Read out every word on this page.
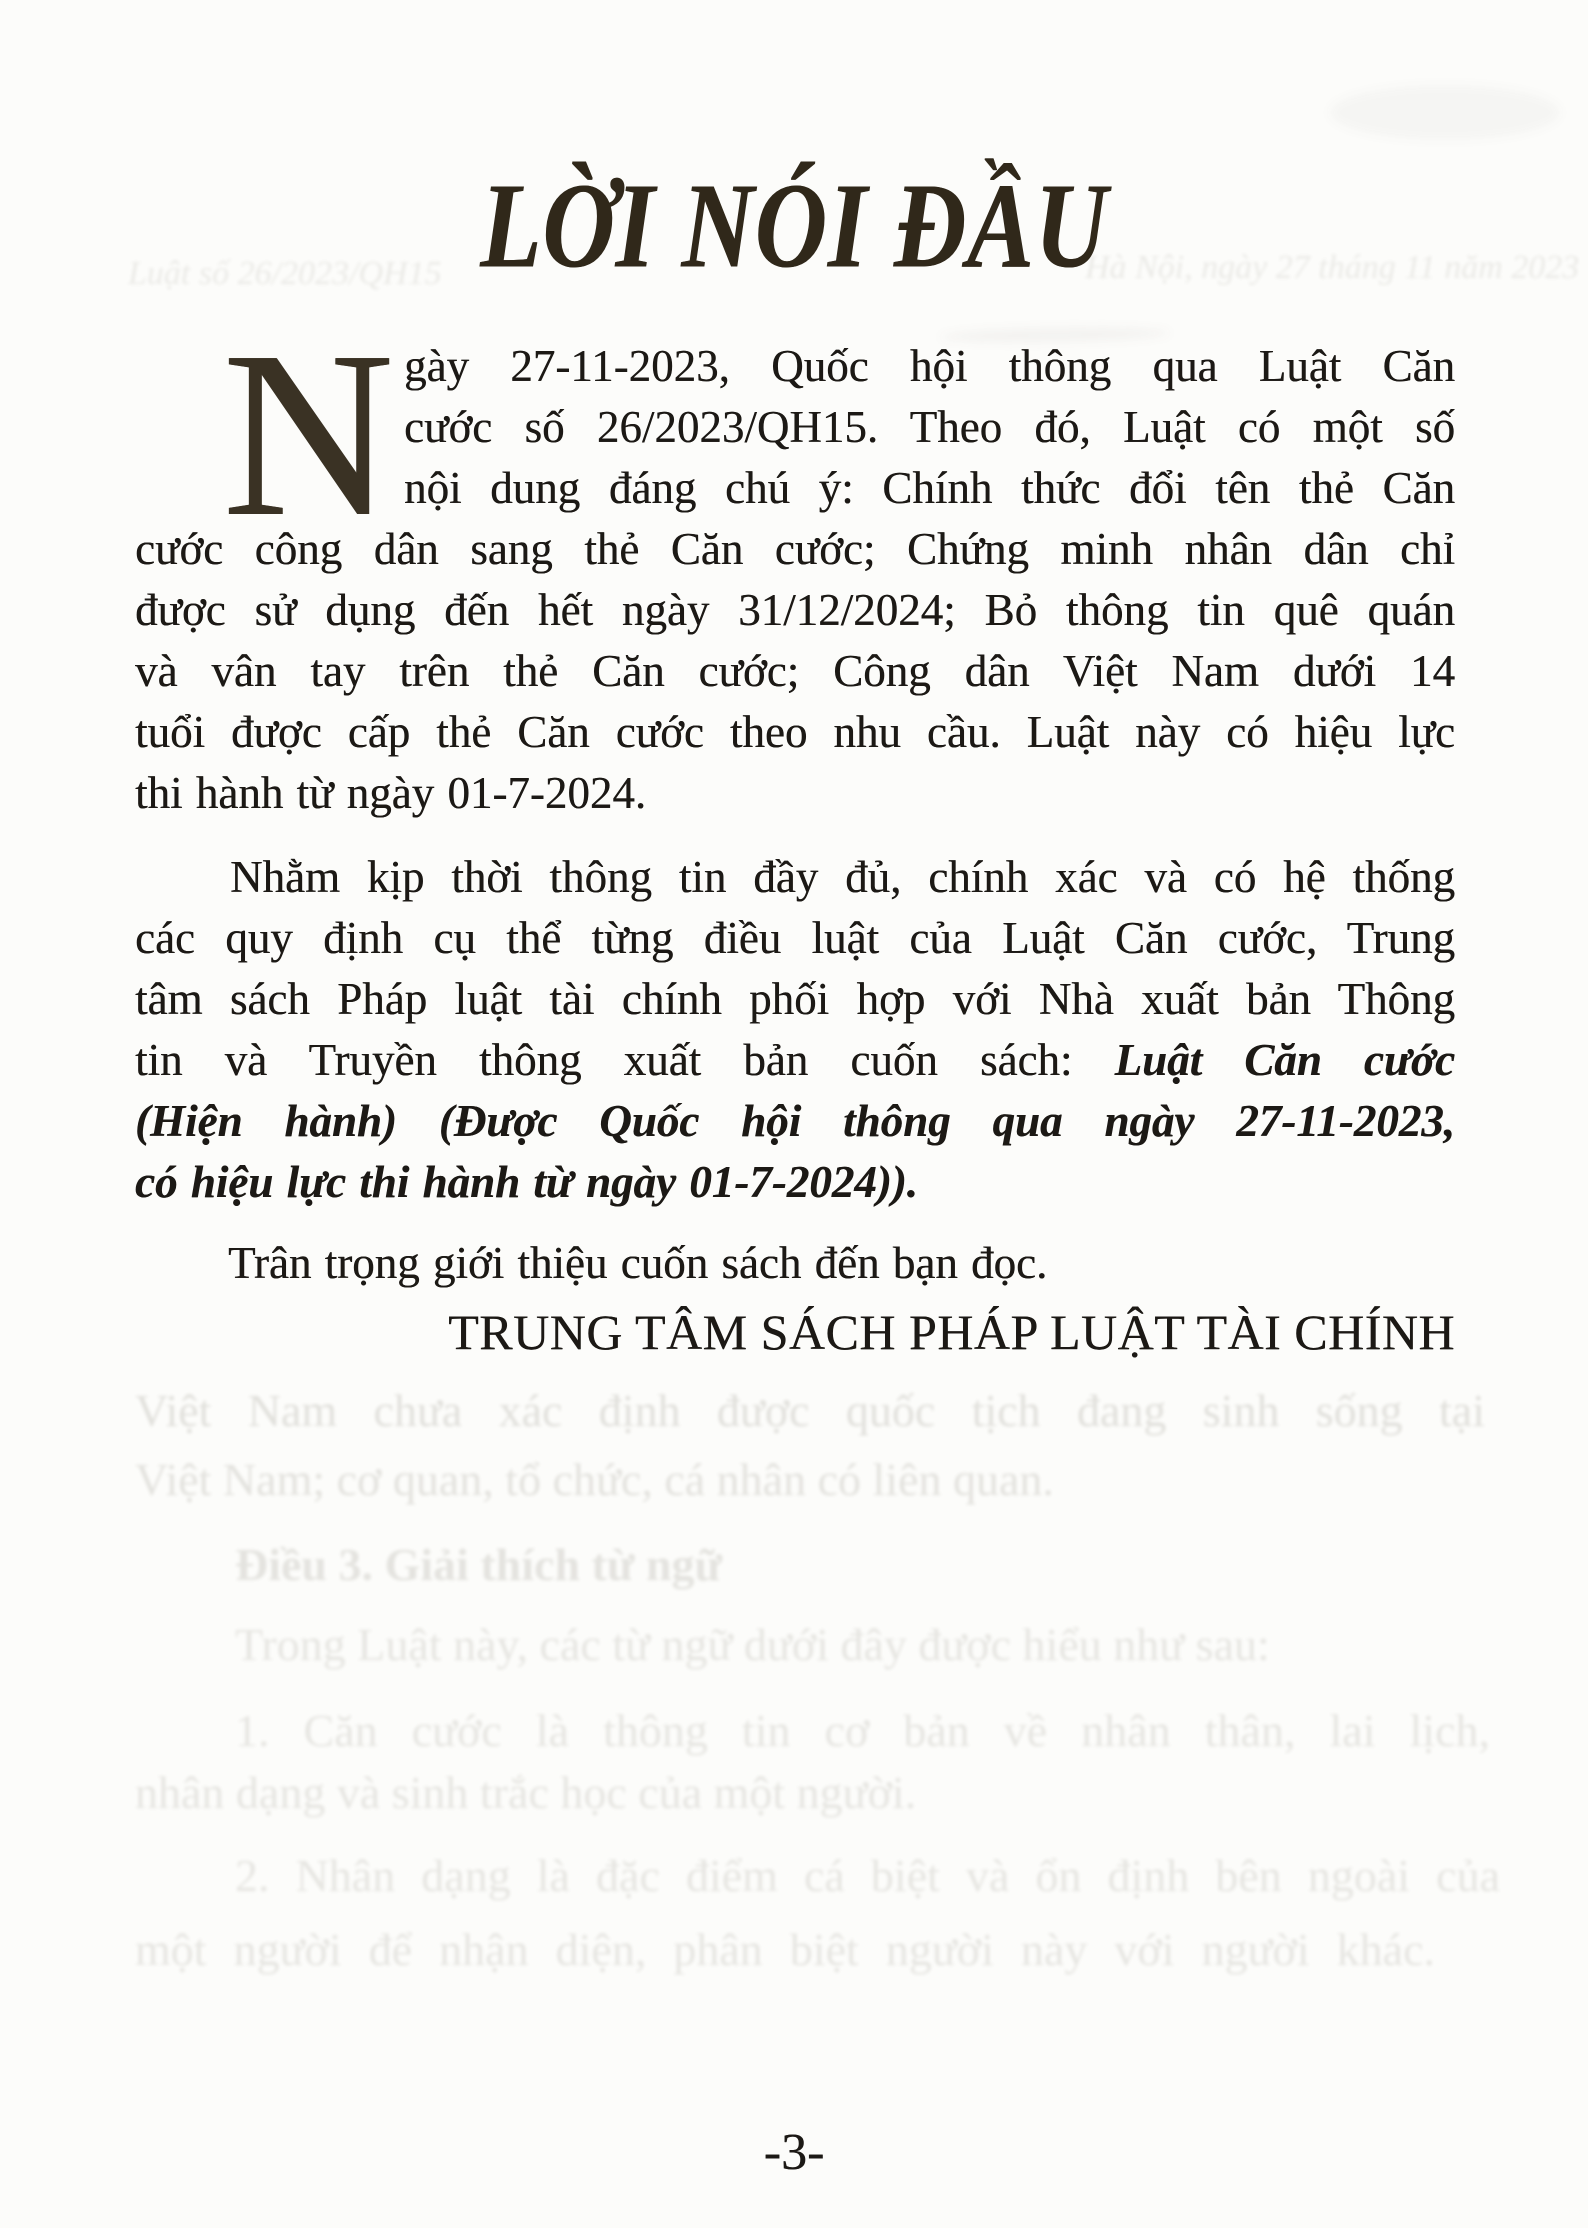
Luật số 26/2023/QH15	Hà Nội, ngày 27 tháng 11 năm 2023
Việt Nam chưa xác định được quốc tịch đang sinh sống tại
Việt Nam; cơ quan, tổ chức, cá nhân có liên quan.
Điều 3. Giải thích từ ngữ
Trong Luật này, các từ ngữ dưới đây được hiểu như sau:
1. Căn cước là thông tin cơ bản về nhân thân, lai lịch,
nhân dạng và sinh trắc học của một người.
2. Nhân dạng là đặc điểm cá biệt và ổn định bên ngoài của
một người để nhận diện, phân biệt người này với người khác.
LỜI NÓI ĐẦU
N gày 27-11-2023, Quốc hội thông qua Luật Căn
cước số 26/2023/QH15. Theo đó, Luật có một số
nội dung đáng chú ý: Chính thức đổi tên thẻ Căn
cước công dân sang thẻ Căn cước; Chứng minh nhân dân chỉ
được sử dụng đến hết ngày 31/12/2024; Bỏ thông tin quê quán
và vân tay trên thẻ Căn cước; Công dân Việt Nam dưới 14
tuổi được cấp thẻ Căn cước theo nhu cầu. Luật này có hiệu lực
thi hành từ ngày 01-7-2024.
Nhằm kịp thời thông tin đầy đủ, chính xác và có hệ thống
các quy định cụ thể từng điều luật của Luật Căn cước, Trung
tâm sách Pháp luật tài chính phối hợp với Nhà xuất bản Thông
tin và Truyền thông xuất bản cuốn sách: Luật Căn cước
(Hiện hành) (Được Quốc hội thông qua ngày 27-11-2023,
có hiệu lực thi hành từ ngày 01-7-2024)).
Trân trọng giới thiệu cuốn sách đến bạn đọc.
TRUNG TÂM SÁCH PHÁP LUẬT TÀI CHÍNH
-3-
